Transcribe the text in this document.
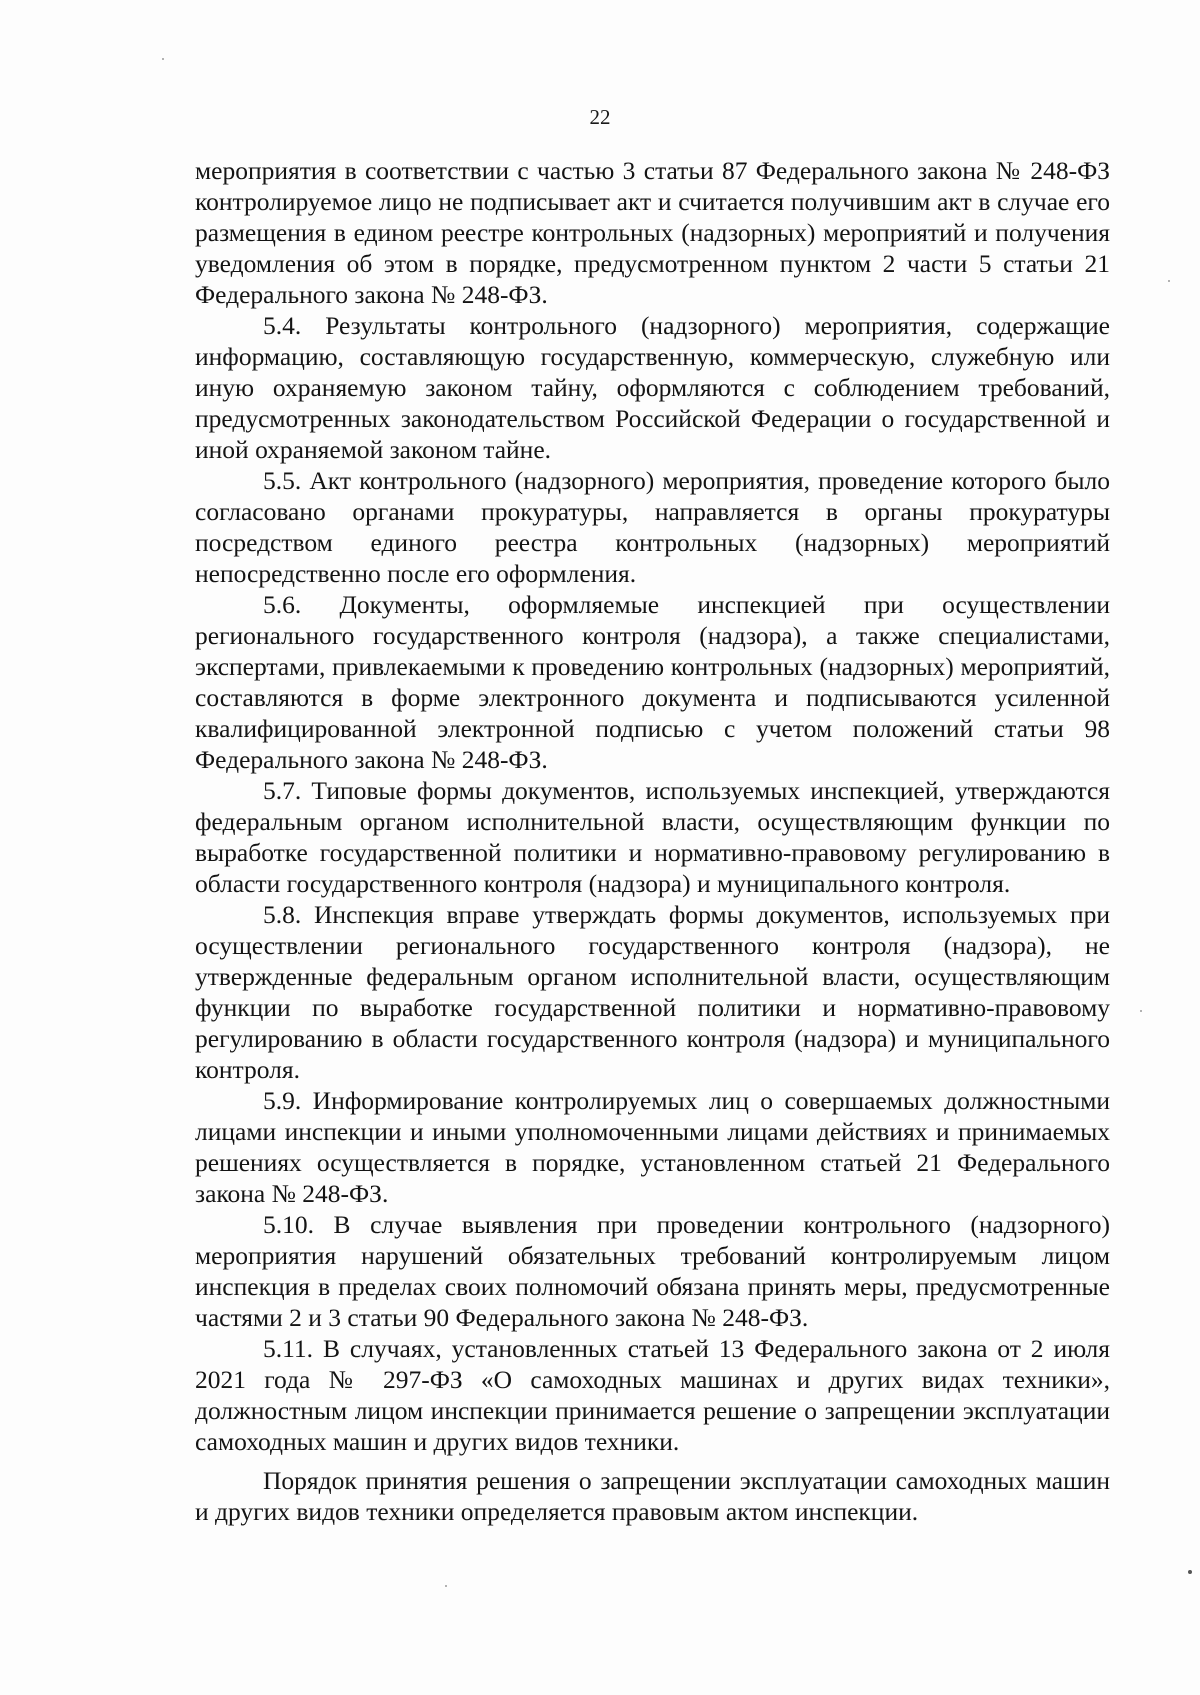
22

мероприятия в соответствии с частью 3 статьи 87 Федерального закона № 248-ФЗ контролируемое лицо не подписывает акт и считается получившим акт в случае его размещения в едином реестре контрольных (надзорных) мероприятий и получения уведомления об этом в порядке, предусмотренном пунктом 2 части 5 статьи 21 Федерального закона № 248-ФЗ.

5.4. Результаты контрольного (надзорного) мероприятия, содержащие информацию, составляющую государственную, коммерческую, служебную или иную охраняемую законом тайну, оформляются с соблюдением требований, предусмотренных законодательством Российской Федерации о государственной и иной охраняемой законом тайне.

5.5. Акт контрольного (надзорного) мероприятия, проведение которого было согласовано органами прокуратуры, направляется в органы прокуратуры посредством единого реестра контрольных (надзорных) мероприятий непосредственно после его оформления.

5.6. Документы, оформляемые инспекцией при осуществлении регионального государственного контроля (надзора), а также специалистами, экспертами, привлекаемыми к проведению контрольных (надзорных) мероприятий, составляются в форме электронного документа и подписываются усиленной квалифицированной электронной подписью с учетом положений статьи 98 Федерального закона № 248-ФЗ.

5.7. Типовые формы документов, используемых инспекцией, утверждаются федеральным органом исполнительной власти, осуществляющим функции по выработке государственной политики и нормативно-правовому регулированию в области государственного контроля (надзора) и муниципального контроля.

5.8. Инспекция вправе утверждать формы документов, используемых при осуществлении регионального государственного контроля (надзора), не утвержденные федеральным органом исполнительной власти, осуществляющим функции по выработке государственной политики и нормативно-правовому регулированию в области государственного контроля (надзора) и муниципального контроля.

5.9. Информирование контролируемых лиц о совершаемых должностными лицами инспекции и иными уполномоченными лицами действиях и принимаемых решениях осуществляется в порядке, установленном статьей 21 Федерального закона № 248-ФЗ.

5.10. В случае выявления при проведении контрольного (надзорного) мероприятия нарушений обязательных требований контролируемым лицом инспекция в пределах своих полномочий обязана принять меры, предусмотренные частями 2 и 3 статьи 90 Федерального закона № 248-ФЗ.

5.11. В случаях, установленных статьей 13 Федерального закона от 2 июля 2021 года № 297-ФЗ «О самоходных машинах и других видах техники», должностным лицом инспекции принимается решение о запрещении эксплуатации самоходных машин и других видов техники.

Порядок принятия решения о запрещении эксплуатации самоходных машин и других видов техники определяется правовым актом инспекции.
